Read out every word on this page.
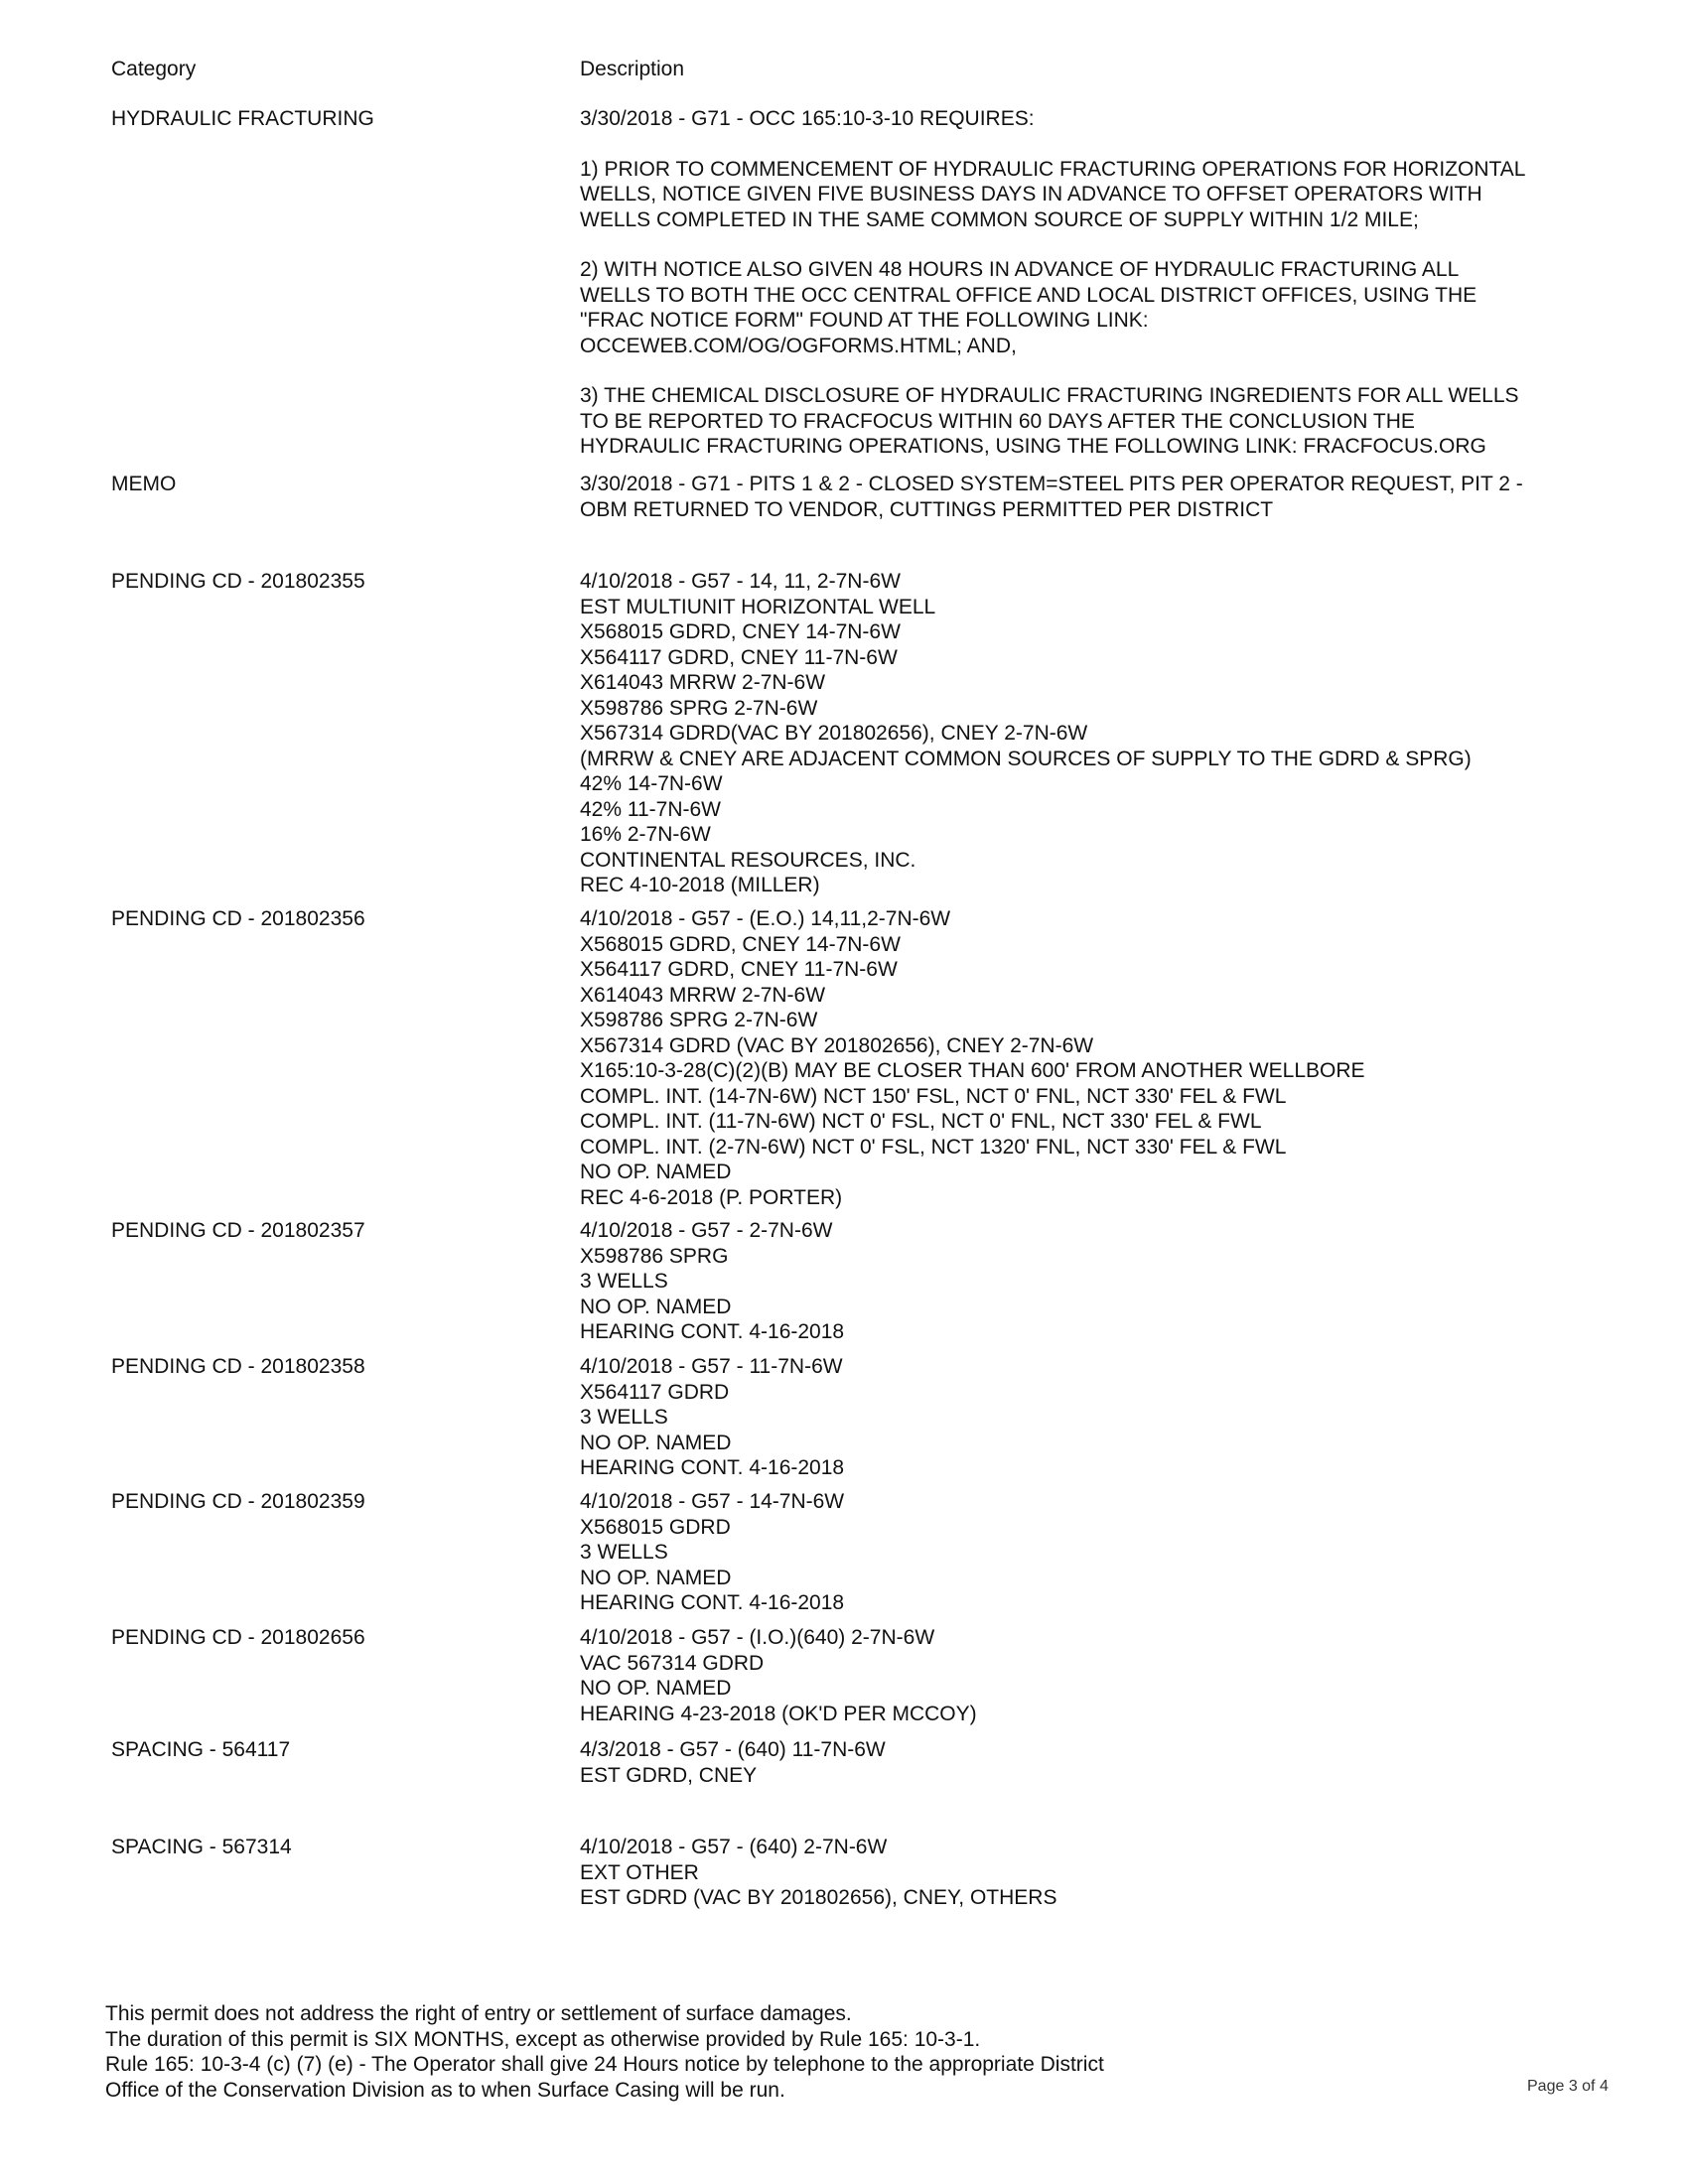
Category	Description
HYDRAULIC FRACTURING	3/30/2018 - G71 - OCC 165:10-3-10 REQUIRES:
1) PRIOR TO COMMENCEMENT OF HYDRAULIC FRACTURING OPERATIONS FOR HORIZONTAL
WELLS, NOTICE GIVEN FIVE BUSINESS DAYS IN ADVANCE TO OFFSET OPERATORS WITH
WELLS COMPLETED IN THE SAME COMMON SOURCE OF SUPPLY WITHIN 1/2 MILE;
2) WITH NOTICE ALSO GIVEN 48 HOURS IN ADVANCE OF HYDRAULIC FRACTURING ALL
WELLS TO BOTH THE OCC CENTRAL OFFICE AND LOCAL DISTRICT OFFICES, USING THE
"FRAC NOTICE FORM" FOUND AT THE FOLLOWING LINK:
OCCEWEB.COM/OG/OGFORMS.HTML; AND,
3) THE CHEMICAL DISCLOSURE OF HYDRAULIC FRACTURING INGREDIENTS FOR ALL WELLS
TO BE REPORTED TO FRACFOCUS WITHIN 60 DAYS AFTER THE CONCLUSION THE
HYDRAULIC FRACTURING OPERATIONS, USING THE FOLLOWING LINK: FRACFOCUS.ORG
MEMO	3/30/2018 - G71 - PITS 1 & 2 - CLOSED SYSTEM=STEEL PITS PER OPERATOR REQUEST, PIT 2 -
OBM RETURNED TO VENDOR, CUTTINGS PERMITTED PER DISTRICT
PENDING CD - 201802355	4/10/2018 - G57 - 14, 11, 2-7N-6W
EST MULTIUNIT HORIZONTAL WELL
X568015 GDRD, CNEY 14-7N-6W
X564117 GDRD, CNEY 11-7N-6W
X614043 MRRW 2-7N-6W
X598786 SPRG 2-7N-6W
X567314 GDRD(VAC BY 201802656), CNEY 2-7N-6W
(MRRW & CNEY ARE ADJACENT COMMON SOURCES OF SUPPLY TO THE GDRD & SPRG)
42% 14-7N-6W
42% 11-7N-6W
16% 2-7N-6W
CONTINENTAL RESOURCES, INC.
REC 4-10-2018 (MILLER)
PENDING CD - 201802356	4/10/2018 - G57 - (E.O.) 14,11,2-7N-6W
X568015 GDRD, CNEY 14-7N-6W
X564117 GDRD, CNEY 11-7N-6W
X614043 MRRW 2-7N-6W
X598786 SPRG 2-7N-6W
X567314 GDRD (VAC BY 201802656), CNEY 2-7N-6W
X165:10-3-28(C)(2)(B) MAY BE CLOSER THAN 600' FROM ANOTHER WELLBORE
COMPL. INT. (14-7N-6W) NCT 150' FSL, NCT 0' FNL, NCT 330' FEL & FWL
COMPL. INT. (11-7N-6W) NCT 0' FSL, NCT 0' FNL, NCT 330' FEL & FWL
COMPL. INT. (2-7N-6W) NCT 0' FSL, NCT 1320' FNL, NCT 330' FEL & FWL
NO OP. NAMED
REC 4-6-2018 (P. PORTER)
PENDING CD - 201802357	4/10/2018 - G57 - 2-7N-6W
X598786 SPRG
3 WELLS
NO OP. NAMED
HEARING CONT. 4-16-2018
PENDING CD - 201802358	4/10/2018 - G57 - 11-7N-6W
X564117 GDRD
3 WELLS
NO OP. NAMED
HEARING CONT. 4-16-2018
PENDING CD - 201802359	4/10/2018 - G57 - 14-7N-6W
X568015 GDRD
3 WELLS
NO OP. NAMED
HEARING CONT. 4-16-2018
PENDING CD - 201802656	4/10/2018 - G57 - (I.O.)(640) 2-7N-6W
VAC 567314 GDRD
NO OP. NAMED
HEARING 4-23-2018 (OK'D PER MCCOY)
SPACING - 564117	4/3/2018 - G57 - (640) 11-7N-6W
EST GDRD, CNEY
SPACING - 567314	4/10/2018 - G57 - (640) 2-7N-6W
EXT OTHER
EST GDRD (VAC BY 201802656), CNEY, OTHERS
This permit does not address the right of entry or settlement of surface damages.
The duration of this permit is SIX MONTHS, except as otherwise provided by Rule 165: 10-3-1.
Rule 165: 10-3-4 (c) (7) (e) - The Operator shall give 24 Hours notice by telephone to the appropriate District
Office of the Conservation Division as to when Surface Casing will be run.	Page 3 of 4
